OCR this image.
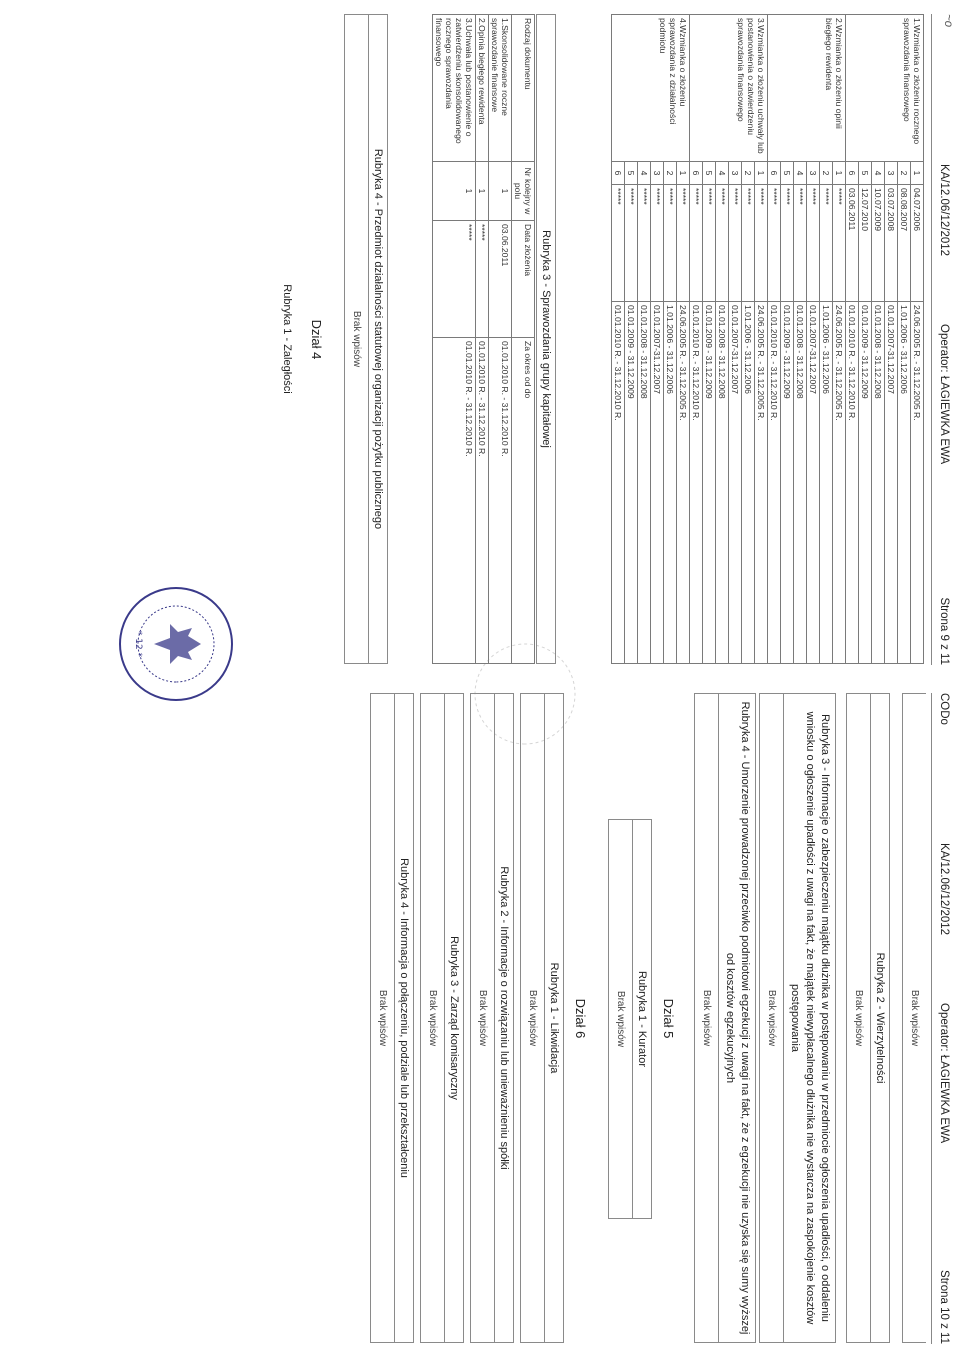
~o
KA/12.06/12/2012
Operator: ŁAGIEWKA EWA
Strona 9 z 11
1.Wzmianka o złożeniu rocznego sprawozdania finansowego	1	04.07.2006	24.06.2005 R. - 31.12.2005 R.
	2	08.08.2007	1.01.2006 - 31.12.2006
	3	03.07.2008	01.01.2007-31.12.2007
	4	10.07.2009	01.01.2008 - 31.12.2008
	5	12.07.2010	01.01.2009 - 31.12.2009
	6	03.06.2011	01.01.2010 R. - 31.12.2010 R.
2.Wzmianka o złożeniu opinii biegłego rewidenta	1	*****	24.06.2005 R. - 31.12.2005 R.
	2	*****	1.01.2006 - 31.12.2006
	3	*****	01.01.2007-31.12.2007
	4	*****	01.01.2008 - 31.12.2008
	5	*****	01.01.2009 - 31.12.2009
	6	*****	01.01.2010 R. - 31.12.2010 R.
3.Wzmianka o złożeniu uchwały lub postanowienia o zatwierdzeniu sprawozdania finansowego	1	*****	24.06.2005 R. - 31.12.2005 R.
	2	*****	1.01.2006 - 31.12.2006
	3	*****	01.01.2007-31.12.2007
	4	*****	01.01.2008 - 31.12.2008
	5	*****	01.01.2009 - 31.12.2009
	6	*****	01.01.2010 R. - 31.12.2010 R.
4.Wzmianka o złożeniu sprawozdania z działalności podmiotu	1	*****	24.06.2005 R. - 31.12.2005 R.
	2	*****	1.01.2006 - 31.12.2006
	3	*****	01.01.2007-31.12.2007
	4	*****	01.01.2008 - 31.12.2008
	5	*****	01.01.2009 - 31.12.2009
	6	*****	01.01.2010 R. - 31.12.2010 R.
Rubryka 3 - Sprawozdania grupy kapitałowej
Rodzaj dokumentu	Nr kolejny w polu	Data złożenia	Za okres od do
1.Skonsolidowane roczne sprawozdanie finansowe	1	03.06.2011	01.01.2010 R. - 31.12.2010 R.
2.Opinia biegłego rewidenta	1	*****	01.01.2010 R. - 31.12.2010 R.
3.Uchwała lub postanowienie o zatwierdzeniu skonsolidowanego rocznego sprawozdania finansowego	1	*****	01.01.2010 R. - 31.12.2010 R.
Rubryka 4 - Przedmiot działalności statutowej organizacji pożytku publicznego
Brak wpisów
Dział 4
Rubryka 1 - Zaległości
* 12 *
CODo
KA/12.06/12/2012
Operator: ŁAGIEWKA EWA
Strona 10 z 11
Brak wpisów
Rubryka 2 - Wierzytelności
Brak wpisów
Rubryka 3 - Informacje o zabezpieczeniu majątku dłużnika w postępowaniu w przedmiocie ogłoszenia upadłości, o oddaleniu wniosku o ogłoszenie upadłości z uwagi na fakt, że majątek niewypłacalnego dłużnika nie wystarcza na zaspokojenie kosztów postępowania
Brak wpisów
Rubryka 4 - Umorzenie prowadzonej przeciwko podmiotowi egzekucji z uwagi na fakt, że z egzekucji nie uzyska się sumy wyższej od kosztów egzekucyjnych
Brak wpisów
Dział 5
Rubryka 1 - Kurator
Brak wpisów
Dział 6
Rubryka 1 - Likwidacja
Brak wpisów
Rubryka 2 - Informacje o rozwiązaniu lub unieważnieniu spółki
Brak wpisów
Rubryka 3 - Zarząd komisaryczny
Brak wpisów
Rubryka 4 - Informacja o połączeniu, podziale lub przekształceniu
Brak wpisów
